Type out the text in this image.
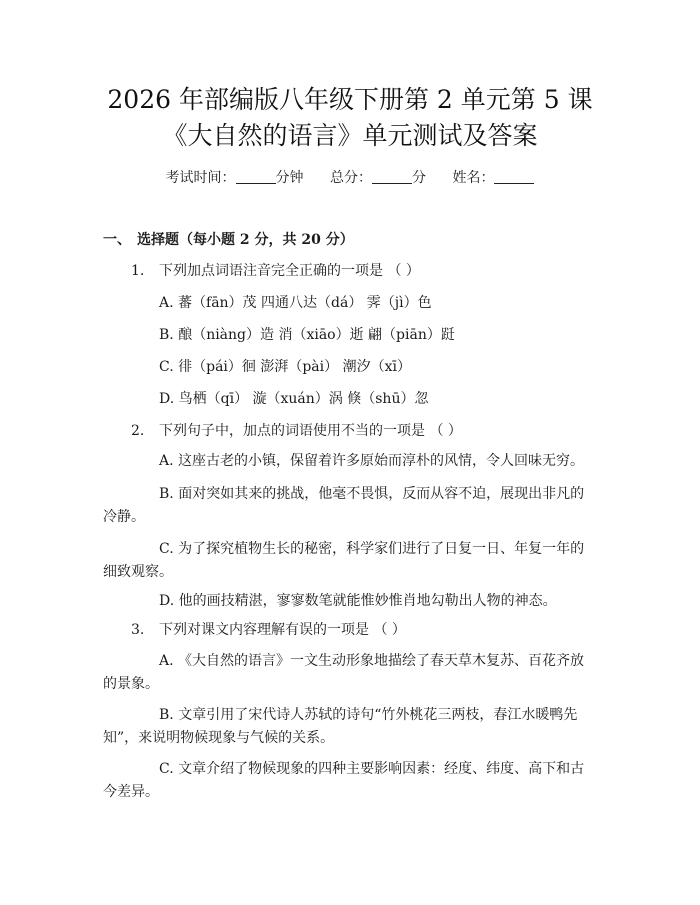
2026 年部编版八年级下册第 2 单元第 5 课
《大自然的语言》单元测试及答案
考试时间：	分钟 总分：	分 姓名：
一、 选择题（每小题 2 分，共 20 分）
1. 下列加点词语注音完全正确的一项是 （ ）
A. 蕃（fān）茂 四通八达（dá） 霁（jì）色
B. 酿（niàng）造 消（xiāo）逝 翩（piān）跹
C. 徘（pái）徊 澎湃（pài） 潮汐（xī）
D. 鸟栖（qī） 漩（xuán）涡 倏（shū）忽
2. 下列句子中，加点的词语使用不当的一项是 （ ）
A. 这座古老的小镇，保留着许多原始而淳朴的风情，令人回味无穷。
B. 面对突如其来的挑战，他毫不畏惧，反而从容不迫，展现出非凡的冷静。
C. 为了探究植物生长的秘密，科学家们进行了日复一日、年复一年的细致观察。
D. 他的画技精湛，寥寥数笔就能惟妙惟肖地勾勒出人物的神态。
3. 下列对课文内容理解有误的一项是 （ ）
A. 《大自然的语言》一文生动形象地描绘了春天草木复苏、百花齐放的景象。
B. 文章引用了宋代诗人苏轼的诗句“竹外桃花三两枝，春江水暖鸭先知”，来说明物候现象与气候的关系。
C. 文章介绍了物候现象的四种主要影响因素：经度、纬度、高下和古今差异。
